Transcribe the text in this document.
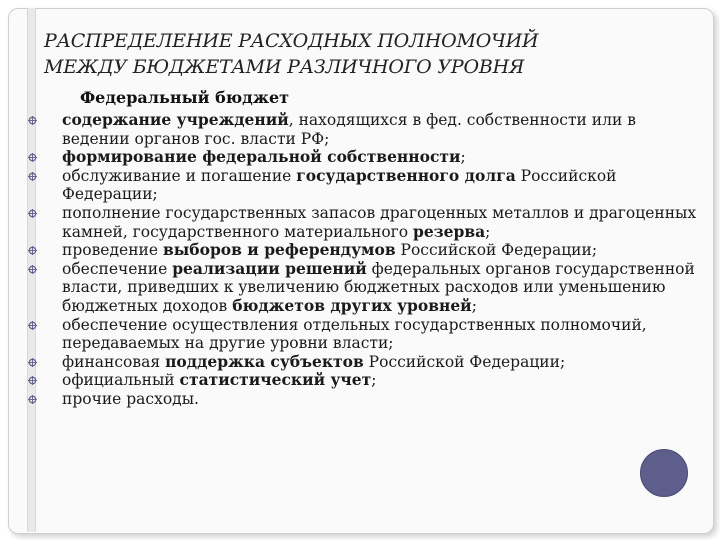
РАСПРЕДЕЛЕНИЕ РАСХОДНЫХ ПОЛНОМОЧИЙ
МЕЖДУ БЮДЖЕТАМИ РАЗЛИЧНОГО УРОВНЯ
Федеральный бюджет
содержание учреждений, находящихся в фед. собственности или в ведении органов гос. власти РФ;
формирование федеральной собственности;
обслуживание и погашение государственного долга Российской Федерации;
пополнение государственных запасов драгоценных металлов и драгоценных камней, государственного материального резерва;
проведение выборов и референдумов Российской Федерации;
обеспечение реализации решений федеральных органов государственной власти, приведших к увеличению бюджетных расходов или уменьшению бюджетных доходов бюджетов других уровней;
обеспечение осуществления отдельных государственных полномочий, передаваемых на другие уровни власти;
финансовая поддержка субъектов Российской Федерации;
официальный статистический учет;
прочие расходы.
